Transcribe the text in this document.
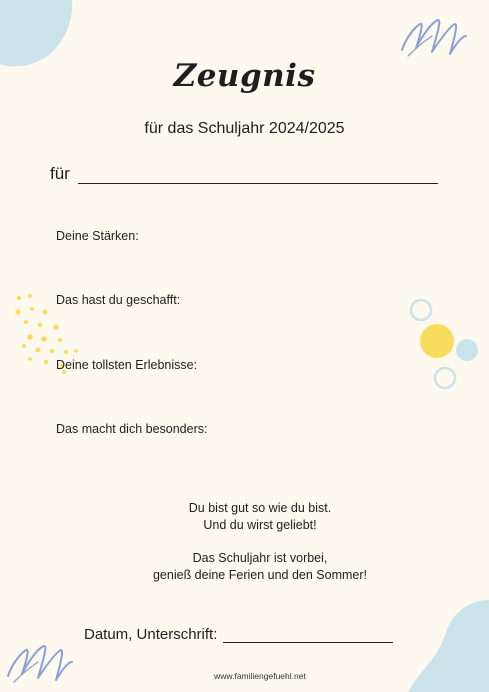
Zeugnis
für das Schuljahr 2024/2025
für
Deine Stärken:
Das hast du geschafft:
Deine tollsten Erlebnisse:
Das macht dich besonders:

Du bist gut so wie du bist.

Und du wirst geliebt!

Das Schuljahr ist vorbei,

genieß deine Ferien und den Sommer!

Datum, Unterschrift:
www.familiengefuehl.net
